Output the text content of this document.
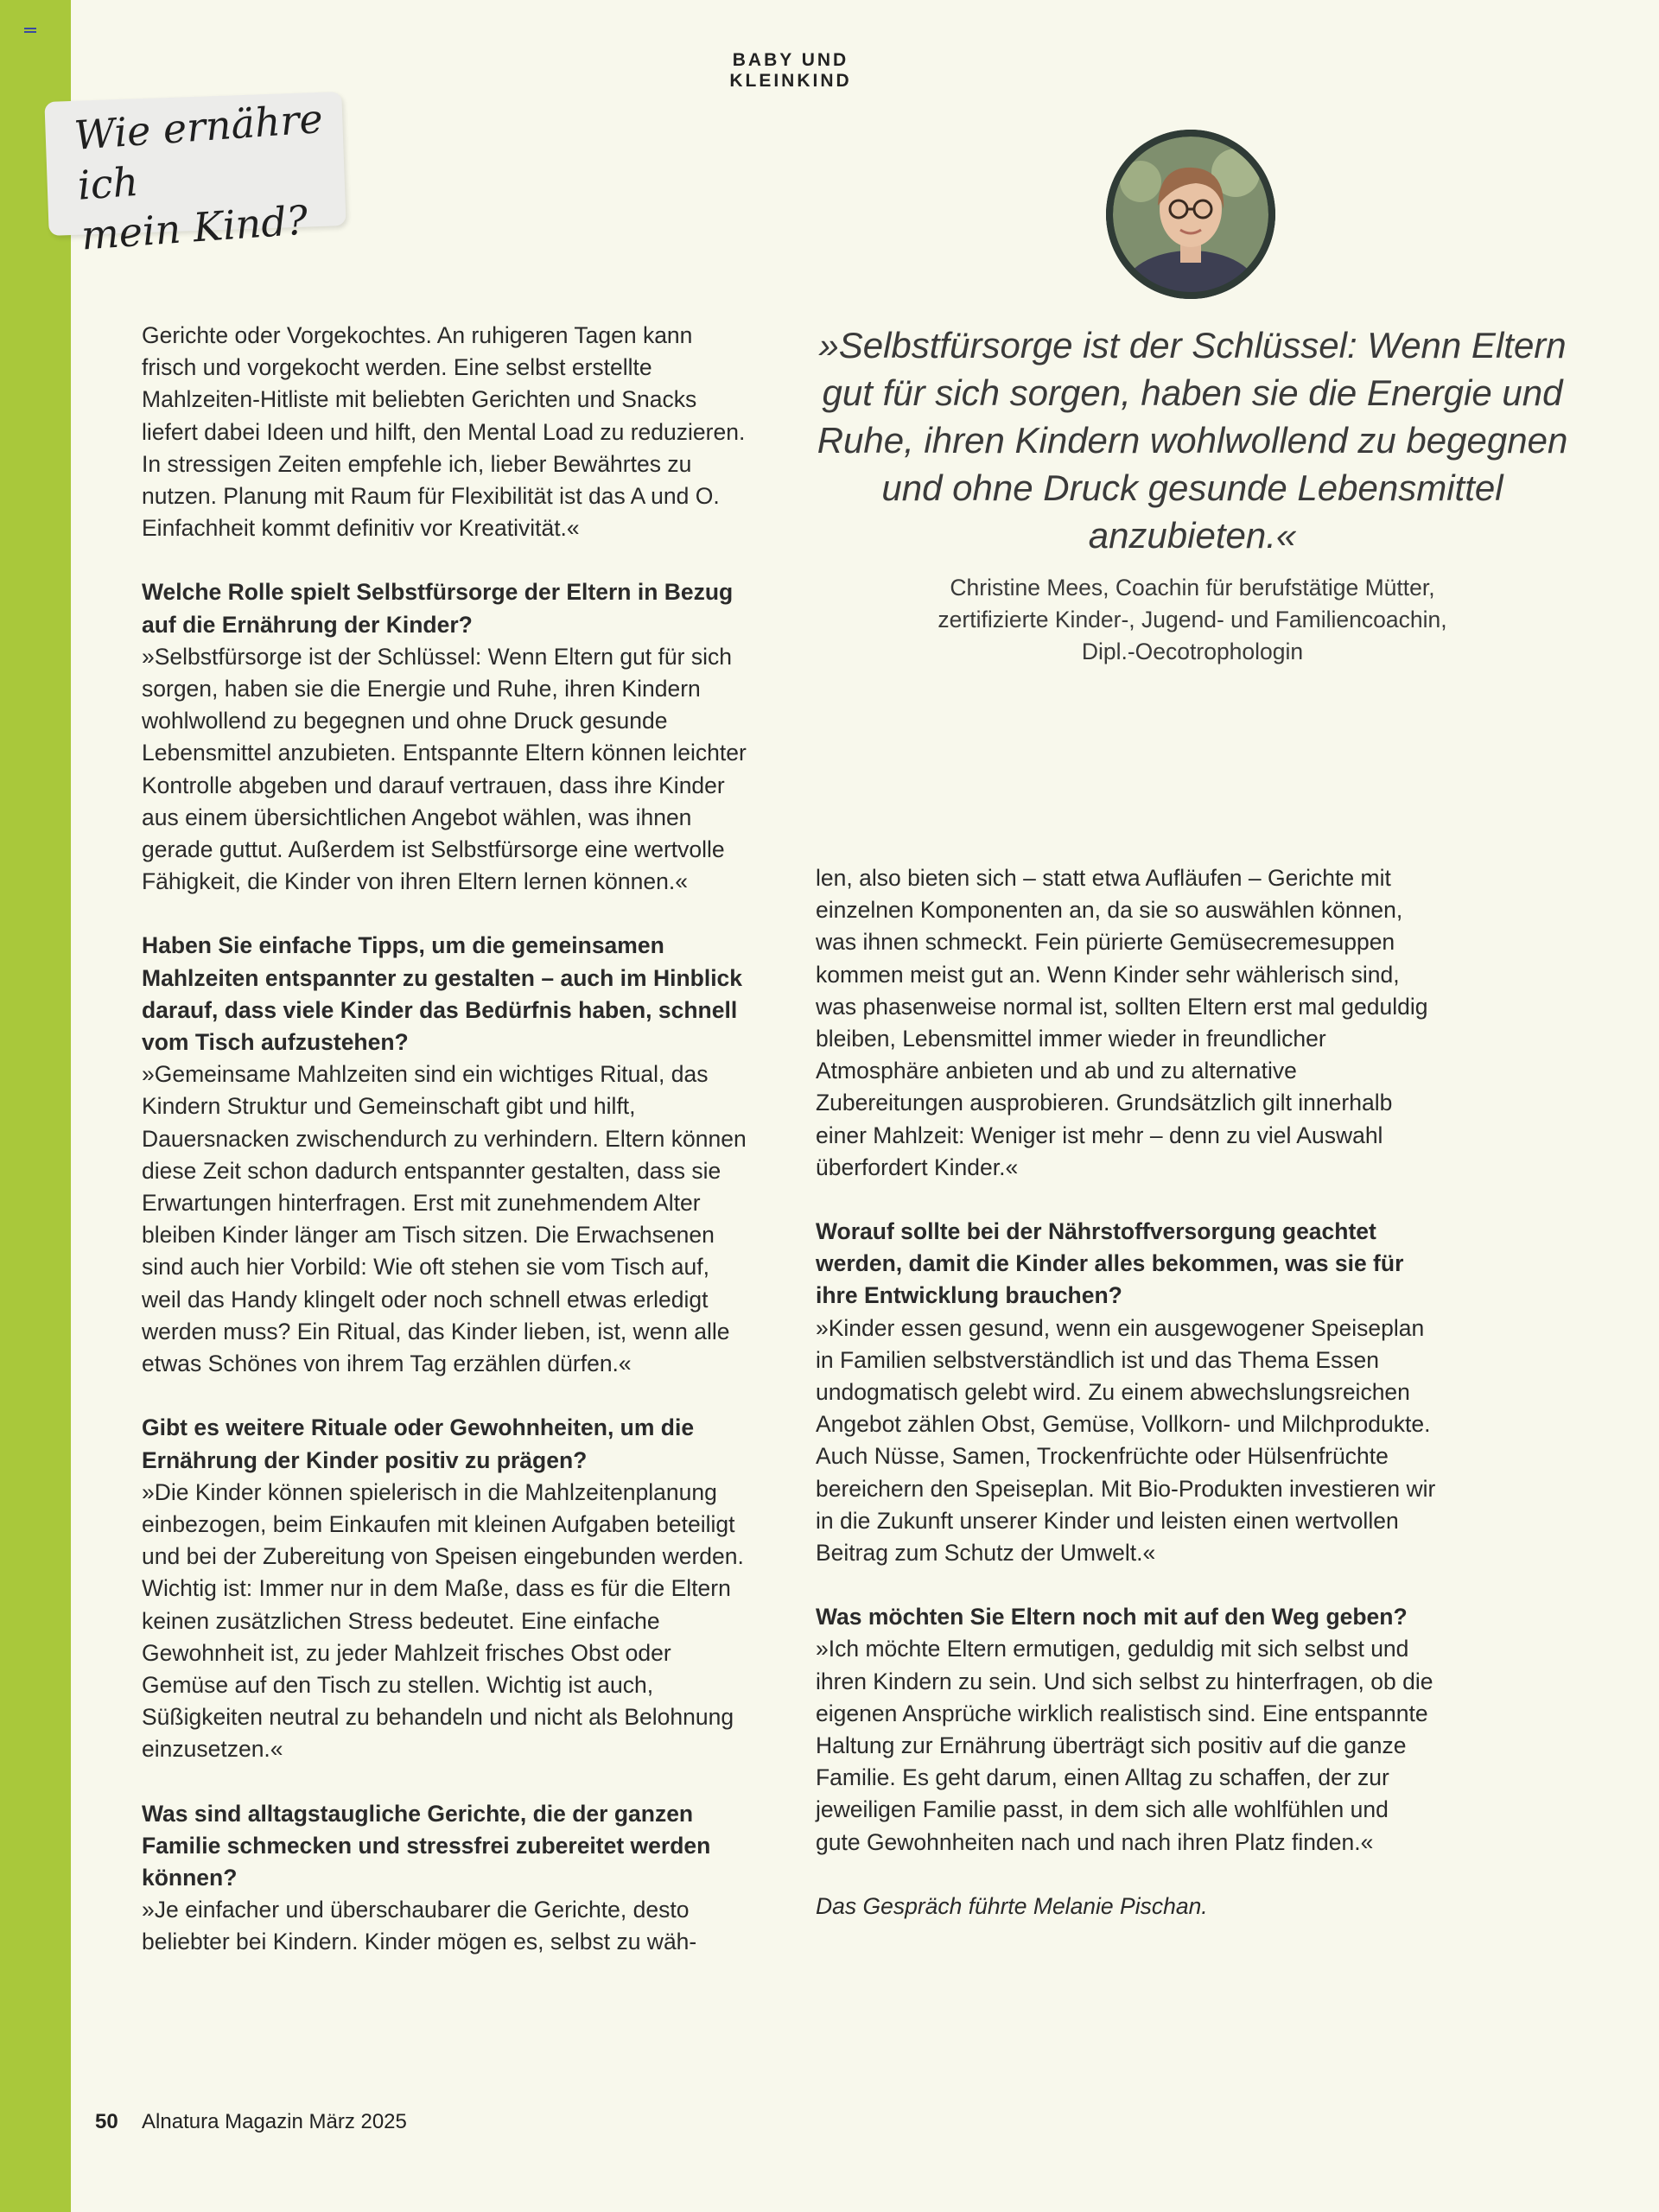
BABY UND KLEINKIND
Wie ernähre ich
mein Kind?
»Selbstfürsorge ist der Schlüssel: Wenn Eltern gut für sich sorgen, haben sie die Energie und Ruhe, ihren Kindern wohlwollend zu begegnen und ohne Druck gesunde Lebensmittel anzubieten.«
Christine Mees, Coachin für berufstätige Mütter,
zertifizierte Kinder-, Jugend- und Familiencoachin,
Dipl.-Oecotrophologin

Gerichte oder Vorgekochtes. An ruhigeren Tagen kann frisch und vorgekocht werden. Eine selbst erstellte Mahlzeiten-Hitliste mit beliebten Gerichten und Snacks liefert dabei Ideen und hilft, den Mental Load zu reduzieren. In stressigen Zeiten empfehle ich, lieber Bewährtes zu nutzen. Planung mit Raum für Flexibilität ist das A und O. Einfachheit kommt definitiv vor Kreativität.«

Welche Rolle spielt Selbstfürsorge der Eltern in Bezug auf die Ernährung der Kinder?
»Selbstfürsorge ist der Schlüssel: Wenn Eltern gut für sich sorgen, haben sie die Energie und Ruhe, ihren Kindern wohlwollend zu begegnen und ohne Druck gesunde Lebensmittel anzubieten. Entspannte Eltern können leichter Kontrolle abgeben und darauf vertrauen, dass ihre Kinder aus einem übersichtlichen Angebot wählen, was ihnen gerade guttut. Außerdem ist Selbstfürsorge eine wertvolle Fähigkeit, die Kinder von ihren Eltern lernen können.«

Haben Sie einfache Tipps, um die gemeinsamen Mahlzeiten entspannter zu gestalten – auch im Hinblick darauf, dass viele Kinder das Bedürfnis haben, schnell vom Tisch aufzustehen?
»Gemeinsame Mahlzeiten sind ein wichtiges Ritual, das Kindern Struktur und Gemeinschaft gibt und hilft, Dauersnacken zwischendurch zu verhindern. Eltern können diese Zeit schon dadurch entspannter gestalten, dass sie Erwartungen hinterfragen. Erst mit zunehmendem Alter bleiben Kinder länger am Tisch sitzen. Die Erwachsenen sind auch hier Vorbild: Wie oft stehen sie vom Tisch auf, weil das Handy klingelt oder noch schnell etwas erledigt werden muss? Ein Ritual, das Kinder lieben, ist, wenn alle etwas Schönes von ihrem Tag erzählen dürfen.«

Gibt es weitere Rituale oder Gewohnheiten, um die Ernährung der Kinder positiv zu prägen?
»Die Kinder können spielerisch in die Mahlzeitenplanung einbezogen, beim Einkaufen mit kleinen Aufgaben beteiligt und bei der Zubereitung von Speisen eingebunden werden. Wichtig ist: Immer nur in dem Maße, dass es für die Eltern keinen zusätzlichen Stress bedeutet. Eine einfache Gewohnheit ist, zu jeder Mahlzeit frisches Obst oder Gemüse auf den Tisch zu stellen. Wichtig ist auch, Süßigkeiten neutral zu behandeln und nicht als Belohnung einzusetzen.«

Was sind alltagstaugliche Gerichte, die der ganzen Familie schmecken und stressfrei zubereitet werden können?
»Je einfacher und überschaubarer die Gerichte, desto beliebter bei Kindern. Kinder mögen es, selbst zu wäh-

len, also bieten sich – statt etwa Aufläufen – Gerichte mit einzelnen Komponenten an, da sie so auswählen können, was ihnen schmeckt. Fein pürierte Gemüsecremesuppen kommen meist gut an. Wenn Kinder sehr wählerisch sind, was phasenweise normal ist, sollten Eltern erst mal geduldig bleiben, Lebensmittel immer wieder in freundlicher Atmosphäre anbieten und ab und zu alternative Zubereitungen ausprobieren. Grundsätzlich gilt innerhalb einer Mahlzeit: Weniger ist mehr – denn zu viel Auswahl überfordert Kinder.«

Worauf sollte bei der Nährstoffversorgung geachtet werden, damit die Kinder alles bekommen, was sie für ihre Entwicklung brauchen?
»Kinder essen gesund, wenn ein ausgewogener Speiseplan in Familien selbstverständlich ist und das Thema Essen undogmatisch gelebt wird. Zu einem abwechslungsreichen Angebot zählen Obst, Gemüse, Vollkorn- und Milchprodukte. Auch Nüsse, Samen, Trockenfrüchte oder Hülsenfrüchte bereichern den Speiseplan. Mit Bio-Produkten investieren wir in die Zukunft unserer Kinder und leisten einen wertvollen Beitrag zum Schutz der Umwelt.«

Was möchten Sie Eltern noch mit auf den Weg geben?
»Ich möchte Eltern ermutigen, geduldig mit sich selbst und ihren Kindern zu sein. Und sich selbst zu hinterfragen, ob die eigenen Ansprüche wirklich realistisch sind. Eine entspannte Haltung zur Ernährung überträgt sich positiv auf die ganze Familie. Es geht darum, einen Alltag zu schaffen, der zur jeweiligen Familie passt, in dem sich alle wohlfühlen und gute Gewohnheiten nach und nach ihren Platz finden.«

Das Gespräch führte Melanie Pischan.

50 Alnatura Magazin März 2025
